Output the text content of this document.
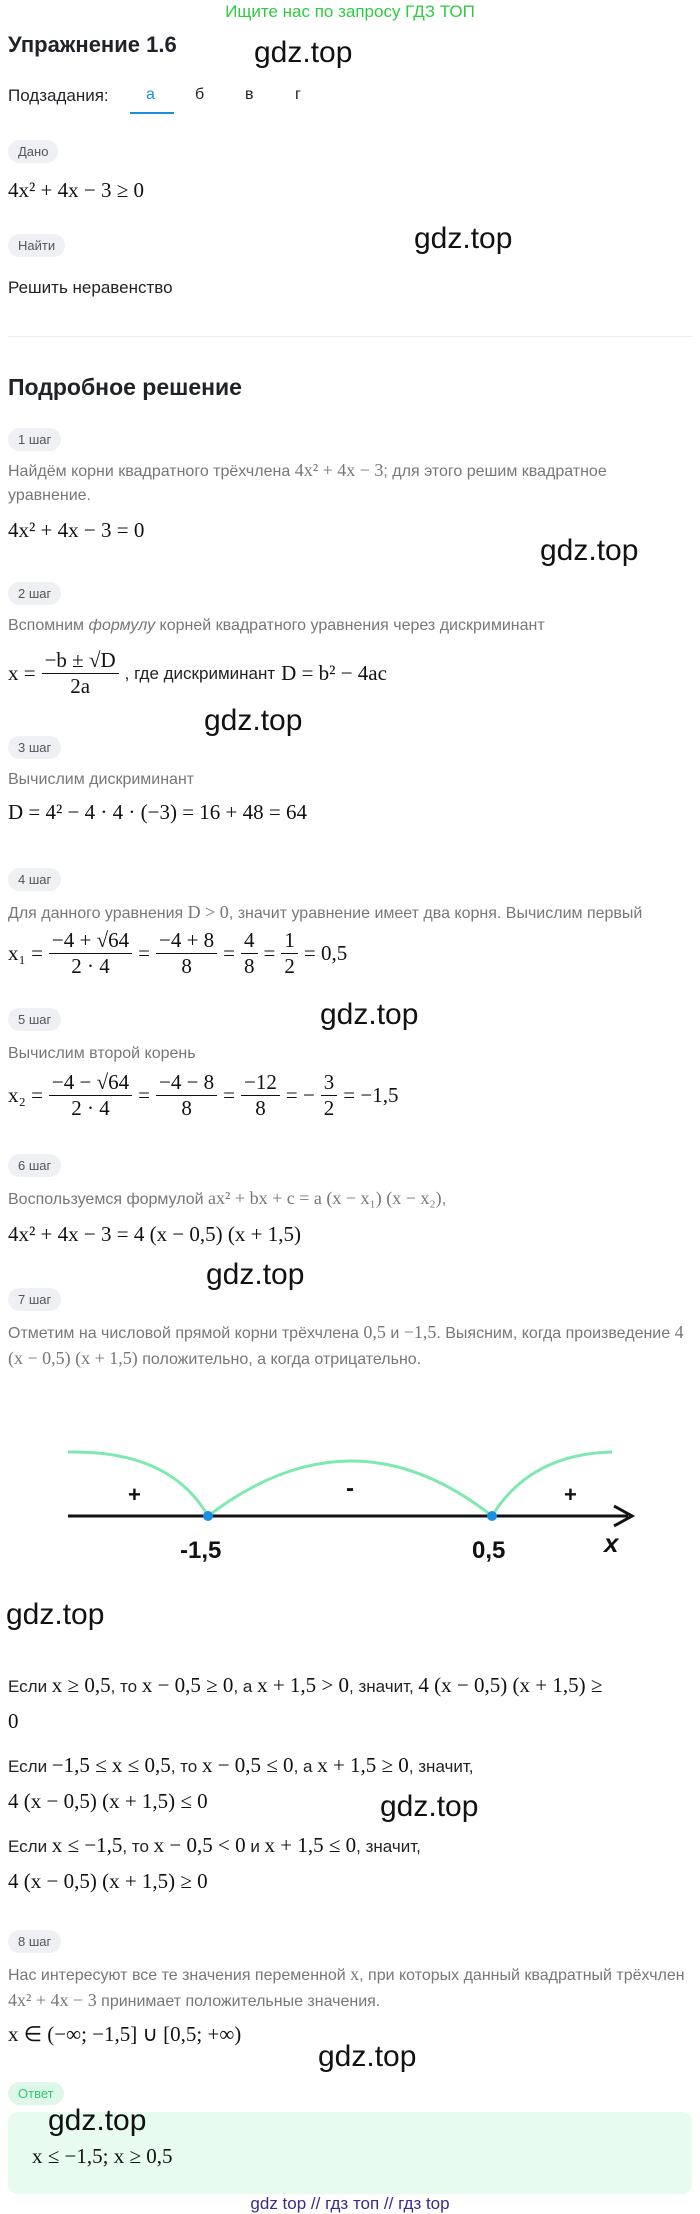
Ищите нас по запросу ГДЗ ТОП
Упражнение 1.6	gdz.top
Подзадания: а	б	в	г
Дано
4x² + 4x − 3 ≥ 0
Найти	gdz.top
Решить неравенство
Подробное решение
1 шаг
Найдём корни квадратного трёхчлена 4x² + 4x − 3; для этого решим квадратное уравнение.
4x² + 4x − 3 = 0
gdz.top
2 шаг
Вспомним формулу корней квадратного уравнения через дискриминант
$x = \frac{-b \pm √D}{2a}$ , где дискриминант D = b² − 4ac
gdz.top
3 шаг
Вычислим дискриминант
D = 4² − 4 · 4 · (−3) = 16 + 48 = 64
4 шаг
Для данного уравнения D > 0, значит уравнение имеет два корня. Вычислим первый
$x_1 = \frac{-4 + √64}{2 \cdot 4} = \frac{-4 + 8}{8} = \frac{4}{8} = \frac{1}{2} = 0,5$
gdz.top
5 шаг
Вычислим второй корень
$x_2 = \frac{-4 - √64}{2 \cdot 4} = \frac{-4 - 8}{8} = \frac{-12}{8}$ = − $\frac{3}{2} = -1,5$
6 шаг
Воспользуемся формулой ax² + bx + c = a (x − x₁) (x − x₂),
4x² + 4x − 3 = 4 (x − 0,5) (x + 1,5)
gdz.top
7 шаг
Отметим на числовой прямой корни трёхчлена 0,5 и −1,5. Выясним, когда произведение 4 (x − 0,5) (x + 1,5) положительно, а когда отрицательно.
+	-	+
-1,5	0,5	x
gdz.top
Если x ≥ 0,5, то x − 0,5 ≥ 0, а x + 1,5 > 0, значит, 4 (x − 0,5) (x + 1,5) ≥
0
Если −1,5 ≤ x ≤ 0,5, то x − 0,5 ≤ 0, а x + 1,5 ≥ 0, значит,
4 (x − 0,5) (x + 1,5) ≤ 0	gdz.top
Если x ≤ −1,5, то x − 0,5 < 0 и x + 1,5 ≤ 0, значит,
4 (x − 0,5) (x + 1,5) ≥ 0
8 шаг
Нас интересуют все те значения переменной x, при которых данный квадратный трёхчлен 4x² + 4x − 3 принимает положительные значения.
x ∈ (−∞; −1,5] ∪ [0,5; +∞)
gdz.top
Ответ
gdz.top
x ≤ −1,5; x ≥ 0,5
gdz top // гдз топ // гдз top
